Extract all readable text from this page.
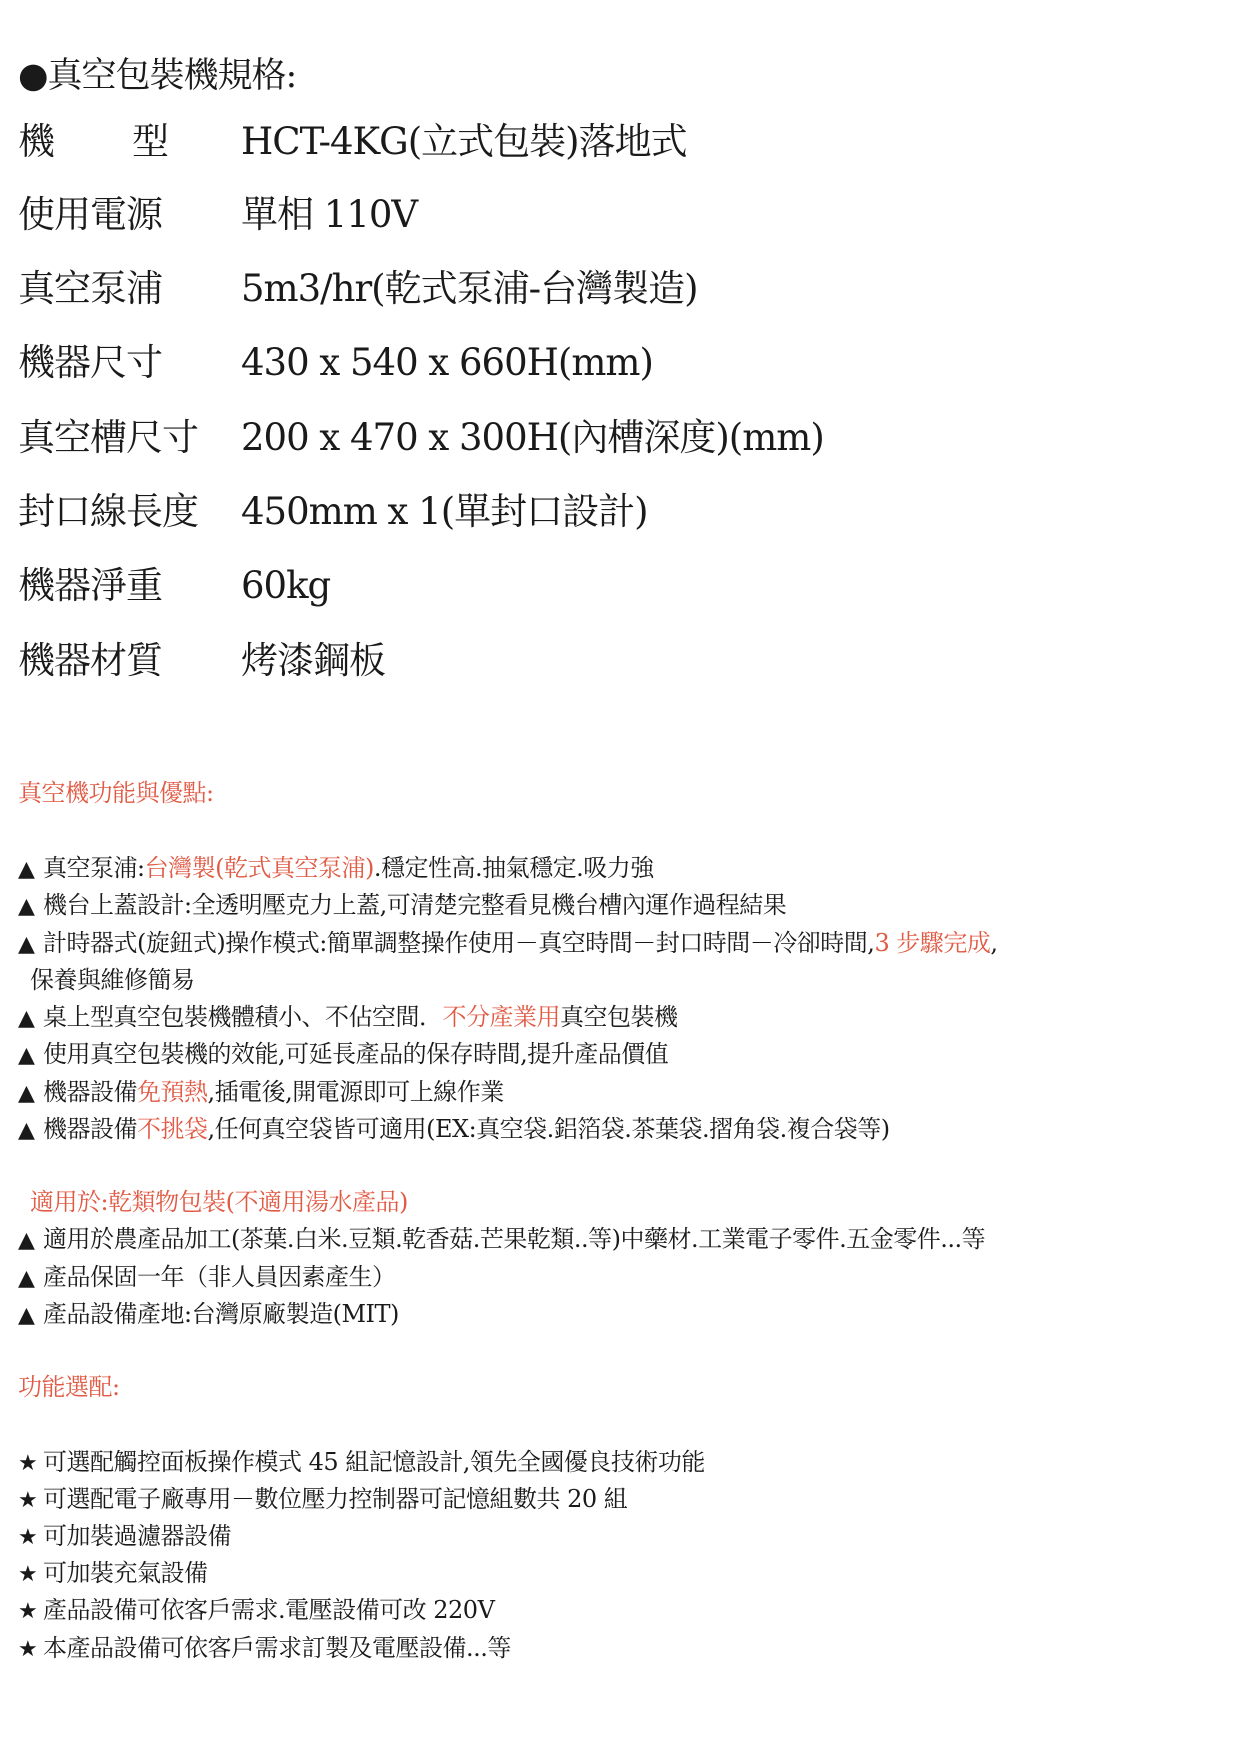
●真空包裝機規格:
機 型 HCT-4KG(立式包裝)落地式
使用電源	單相 110V
真空泵浦	5m3/hr(乾式泵浦-台灣製造)
機器尺寸	430 x 540 x 660H(mm)
真空槽尺寸	200 x 470 x 300H(內槽深度)(mm)
封口線長度	450mm x 1(單封口設計)
機器淨重	60kg
機器材質	烤漆鋼板
真空機功能與優點:
▲ 真空泵浦:台灣製(乾式真空泵浦).穩定性高.抽氣穩定.吸力強
▲ 機台上蓋設計:全透明壓克力上蓋,可清楚完整看見機台槽內運作過程結果
▲ 計時器式(旋鈕式)操作模式:簡單調整操作使用－真空時間－封口時間－冷卻時間,3 步驟完成,
保養與維修簡易
▲ 桌上型真空包裝機體積小、不佔空間．不分產業用真空包裝機
▲ 使用真空包裝機的效能,可延長產品的保存時間,提升產品價值
▲ 機器設備免預熱,插電後,開電源即可上線作業
▲ 機器設備不挑袋,任何真空袋皆可適用(EX:真空袋.鋁箔袋.茶葉袋.摺角袋.複合袋等)
適用於:乾類物包裝(不適用湯水產品)
▲ 適用於農產品加工(茶葉.白米.豆類.乾香菇.芒果乾類..等)中藥材.工業電子零件.五金零件...等
▲ 產品保固一年（非人員因素產生）
▲ 產品設備產地:台灣原廠製造(MIT)
功能選配:
★ 可選配觸控面板操作模式 45 組記憶設計,領先全國優良技術功能
★ 可選配電子廠專用－數位壓力控制器可記憶組數共 20 組
★ 可加裝過濾器設備
★ 可加裝充氣設備
★ 產品設備可依客戶需求.電壓設備可改 220V
★ 本產品設備可依客戶需求訂製及電壓設備...等
